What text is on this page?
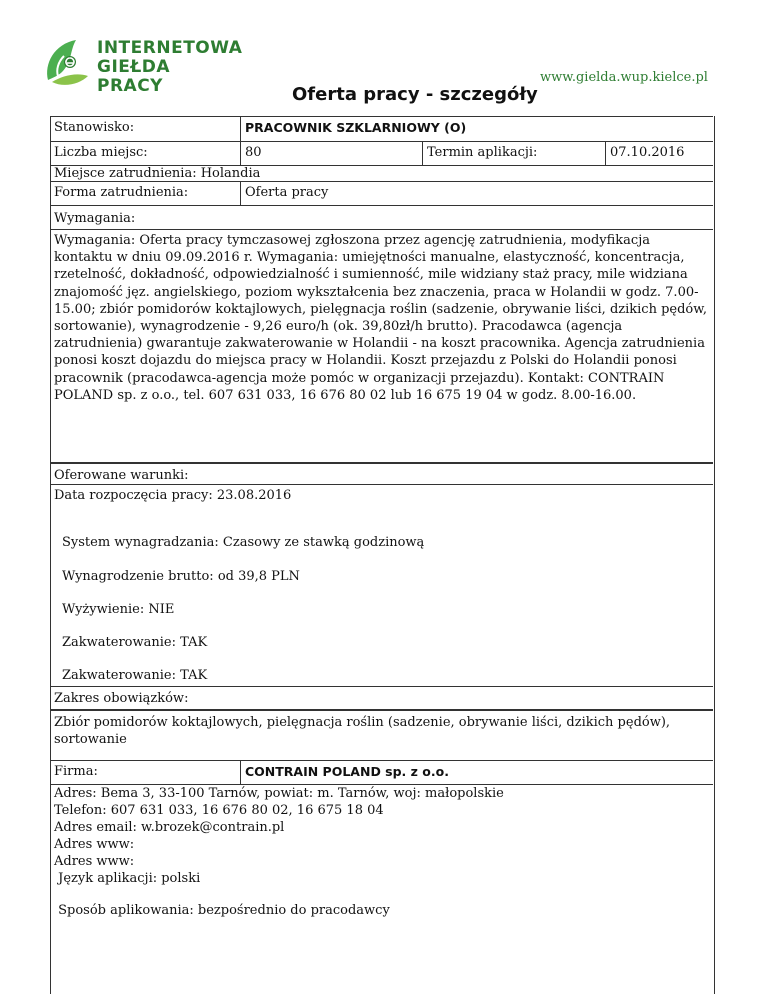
INTERNETOWA
GIEŁDA PRACY	www.gielda.wup.kielce.pl
Oferta pracy - szczegóły
Stanowisko:	PRACOWNIK SZKLARNIOWY (O)
Liczba miejsc:	80	Termin aplikacji:	07.10.2016
Miejsce zatrudnienia: Holandia
Forma zatrudnienia:	Oferta pracy
Wymagania:
Wymagania: Oferta pracy tymczasowej zgłoszona przez agencję zatrudnienia, modyfikacja kontaktu w dniu 09.09.2016 r. Wymagania: umiejętności manualne, elastyczność, koncentracja, rzetelność, dokładność, odpowiedzialność i sumienność, mile widziany staż pracy, mile widziana znajomość jęz. angielskiego, poziom wykształcenia bez znaczenia, praca w Holandii w godz. 7.00-15.00; zbiór pomidorów koktajlowych, pielęgnacja roślin (sadzenie, obrywanie liści, dzikich pędów, sortowanie), wynagrodzenie - 9,26 euro/h (ok. 39,80zł/h brutto). Pracodawca (agencja zatrudnienia) gwarantuje zakwaterowanie w Holandii - na koszt pracownika. Agencja zatrudnienia ponosi koszt dojazdu do miejsca pracy w Holandii. Koszt przejazdu z Polski do Holandii ponosi pracownik (pracodawca-agencja może pomóc w organizacji przejazdu). Kontakt: CONTRAIN POLAND sp. z o.o., tel. 607 631 033, 16 676 80 02 lub 16 675 19 04 w godz. 8.00-16.00.
Oferowane warunki:
Data rozpoczęcia pracy: 23.08.2016
System wynagradzania: Czasowy ze stawką godzinową
Wynagrodzenie brutto: od 39,8 PLN
Wyżywienie: NIE
Zakwaterowanie: TAK
Zakwaterowanie: TAK
Zakres obowiązków:
Zbiór pomidorów koktajlowych, pielęgnacja roślin (sadzenie, obrywanie liści, dzikich pędów), sortowanie
Firma:	CONTRAIN POLAND sp. z o.o.
Adres: Bema 3, 33-100 Tarnów, powiat: m. Tarnów, woj: małopolskie
Telefon: 607 631 033, 16 676 80 02, 16 675 18 04
Adres email: w.brozek@contrain.pl
Adres www:
Adres www:
Język aplikacji: polski
Sposób aplikowania: bezpośrednio do pracodawcy
